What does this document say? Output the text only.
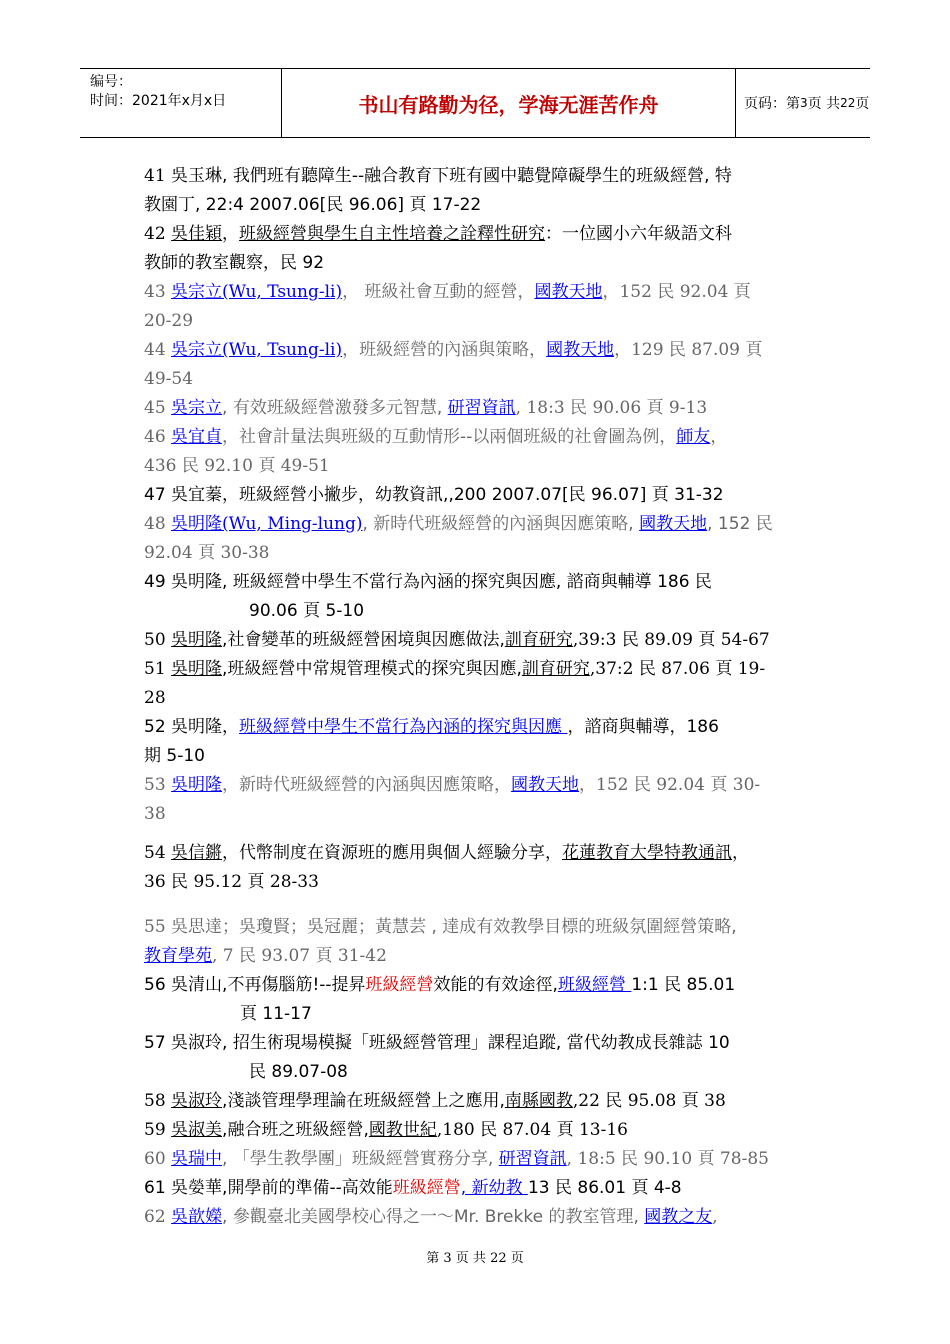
编号：
时间：2021年x月x日	书山有路勤为径，学海无涯苦作舟	页码：第 3 页 共 22 页
41 吳玉琳, 我們班有聽障生--融合教育下班有國中聽覺障礙學生的班級經營, 特
教園丁, 22:4 2007.06[民 96.06] 頁 17-22
42 吳佳穎，班級經營與學生自主性培養之詮釋性研究：一位國小六年級語文科
教師的教室觀察，民 92
43 吳宗立(Wu, Tsung-li)， 班級社會互動的經營，國教天地，152 民 92.04 頁
20-29
44 吳宗立(Wu, Tsung-li)，班級經營的內涵與策略，國教天地，129 民 87.09 頁
49-54
45 吳宗立, 有效班級經營激發多元智慧, 研習資訊, 18:3 民 90.06 頁 9-13
46 吳宜貞，社會計量法與班級的互動情形--以兩個班級的社會圖為例，師友，
436 民 92.10 頁 49-51
47 吳宜蓁，班級經營小撇步，幼教資訊,,200 2007.07[民 96.07] 頁 31-32
48 吳明隆(Wu, Ming-lung), 新時代班級經營的內涵與因應策略, 國教天地, 152 民
92.04 頁 30-38
49 吳明隆, 班級經營中學生不當行為內涵的探究與因應, 諮商與輔導 186 民
90.06 頁 5-10
50 吳明隆,社會變革的班級經營困境與因應做法,訓育研究,39:3 民 89.09 頁 54-67
51 吳明隆,班級經營中常規管理模式的探究與因應,訓育研究,37:2 民 87.06 頁 19-
28
52 吳明隆，班級經營中學生不當行為內涵的探究與因應 ，諮商與輔導，186
期 5-10
53 吳明隆，新時代班級經營的內涵與因應策略，國教天地，152 民 92.04 頁 30-
38
54 吳信鏘，代幣制度在資源班的應用與個人經驗分享，花蓮教育大學特教通訊，
36 民 95.12 頁 28-33
55 吳思達；吳瓊賢；吳冠麗；黃慧芸 , 達成有效教學目標的班級氛圍經營策略,
教育學苑, 7 民 93.07 頁 31-42
56 吳清山,不再傷腦筋!--提昇班級經營效能的有效途徑,班級經營 1:1 民 85.01
頁 11-17
57 吳淑玲, 招生術現場模擬「班級經營管理」課程追蹤, 當代幼教成長雜誌 10
民 89.07-08
58 吳淑玲,淺談管理學理論在班級經營上之應用,南縣國教,22 民 95.08 頁 38
59 吳淑美,融合班之班級經營,國教世紀,180 民 87.04 頁 13-16
60 吳瑞中, 「學生教學團」班級經營實務分享, 研習資訊, 18:5 民 90.10 頁 78-85
61 吳嫈華,開學前的準備--高效能班級經營, 新幼教 13 民 86.01 頁 4-8
62 吳歆嬫, 參觀臺北美國學校心得之一～Mr. Brekke 的教室管理, 國教之友,
第 3 页 共 22 页
